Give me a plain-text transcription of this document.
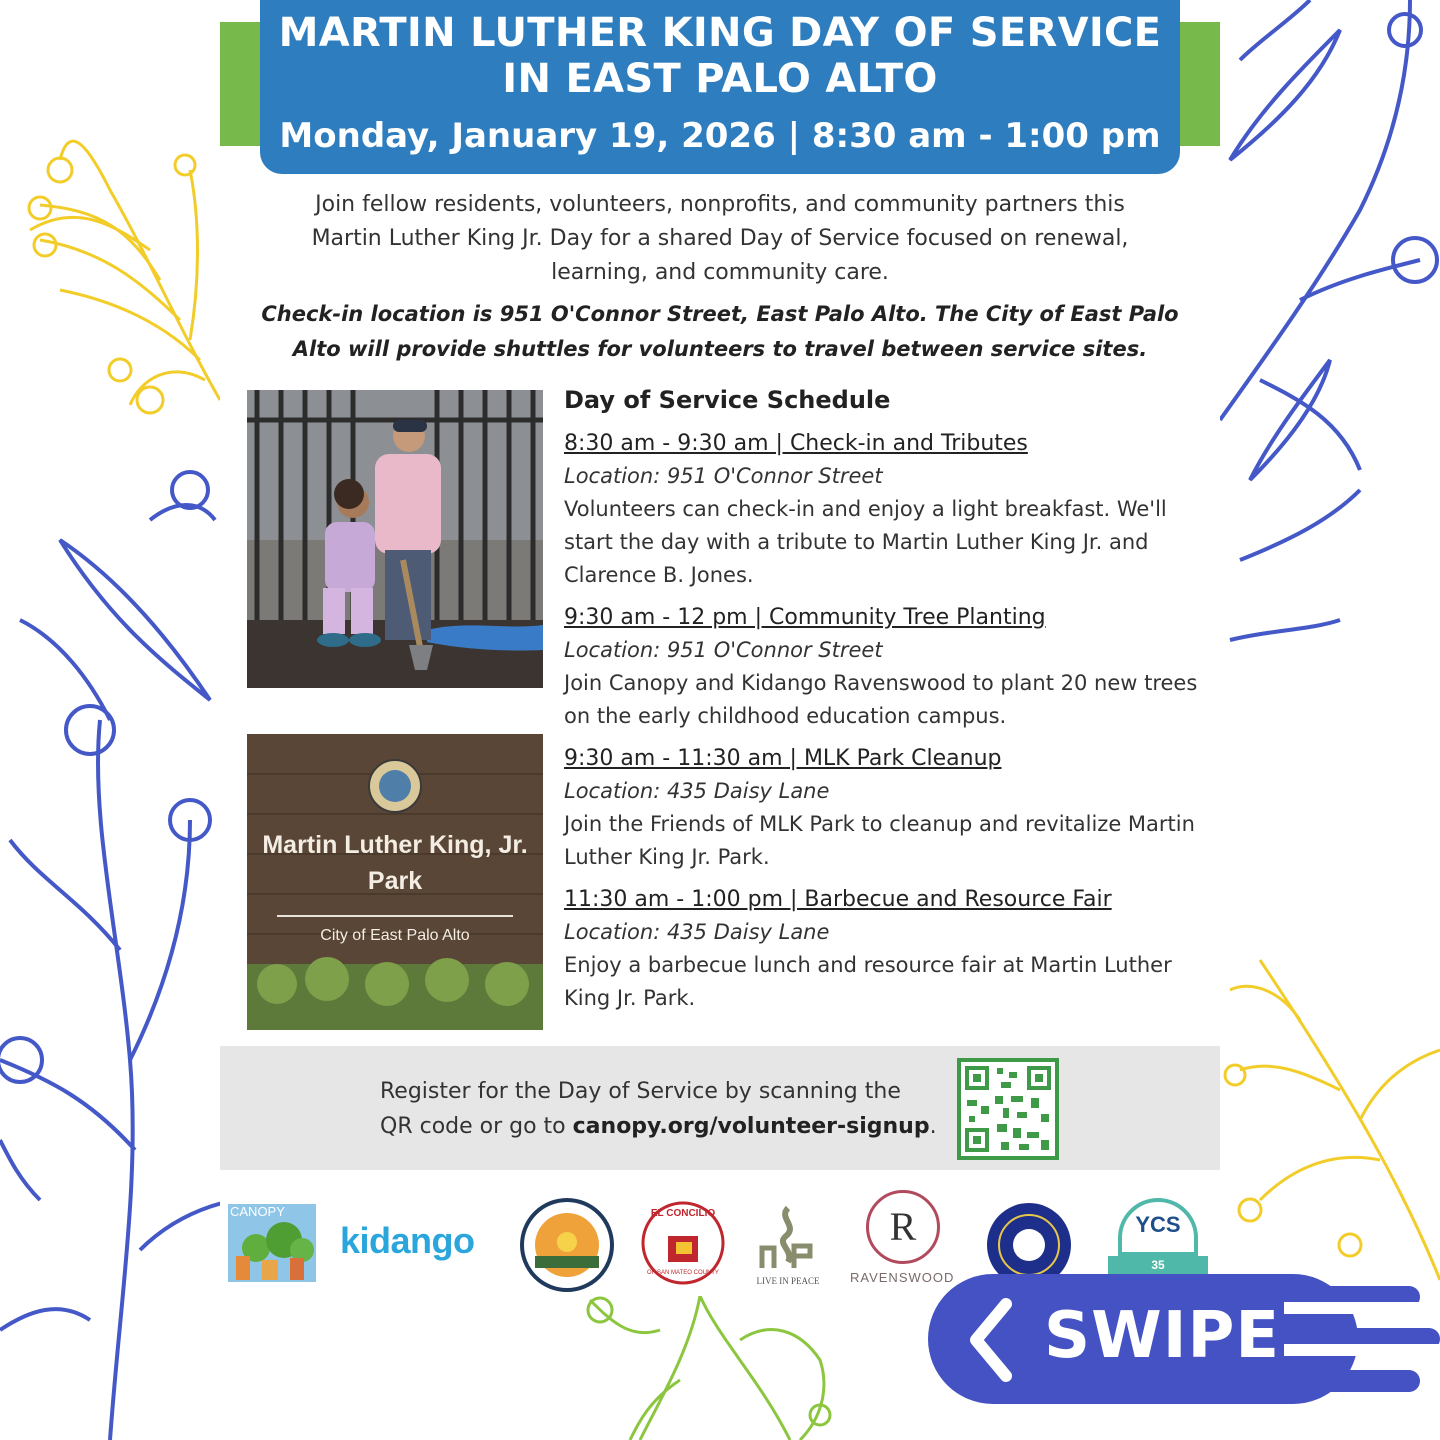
MARTIN LUTHER KING DAY OF SERVICE
IN EAST PALO ALTO
Monday, January 19, 2026 | 8:30 am - 1:00 pm

Join fellow residents, volunteers, nonprofits, and community partners this Martin Luther King Jr. Day for a shared Day of Service focused on renewal, learning, and community care.

Check-in location is 951 O'Connor Street, East Palo Alto. The City of East Palo Alto will provide shuttles for volunteers to travel between service sites.

Martin Luther King, Jr.
Park
City of East Palo Alto
Day of Service Schedule
8:30 am - 9:30 am | Check-in and Tributes
Location: 951 O'Connor Street
Volunteers can check-in and enjoy a light breakfast. We'll start the day with a tribute to Martin Luther King Jr. and Clarence B. Jones.
9:30 am - 12 pm | Community Tree Planting
Location: 951 O'Connor Street
Join Canopy and Kidango Ravenswood to plant 20 new trees on the early childhood education campus.
9:30 am - 11:30 am | MLK Park Cleanup
Location: 435 Daisy Lane
Join the Friends of MLK Park to cleanup and revitalize Martin Luther King Jr. Park.
11:30 am - 1:00 pm | Barbecue and Resource Fair
Location: 435 Daisy Lane
Enjoy a barbecue lunch and resource fair at Martin Luther King Jr. Park.
Register for the Day of Service by scanning the
QR code or go to canopy.org/volunteer-signup.
CANOPY
kidango
EL CONCILIO
OF SAN MATEO COUNTY
LIVE IN PEACE
R
RAVENSWOOD
YCS
35
SWIPE
